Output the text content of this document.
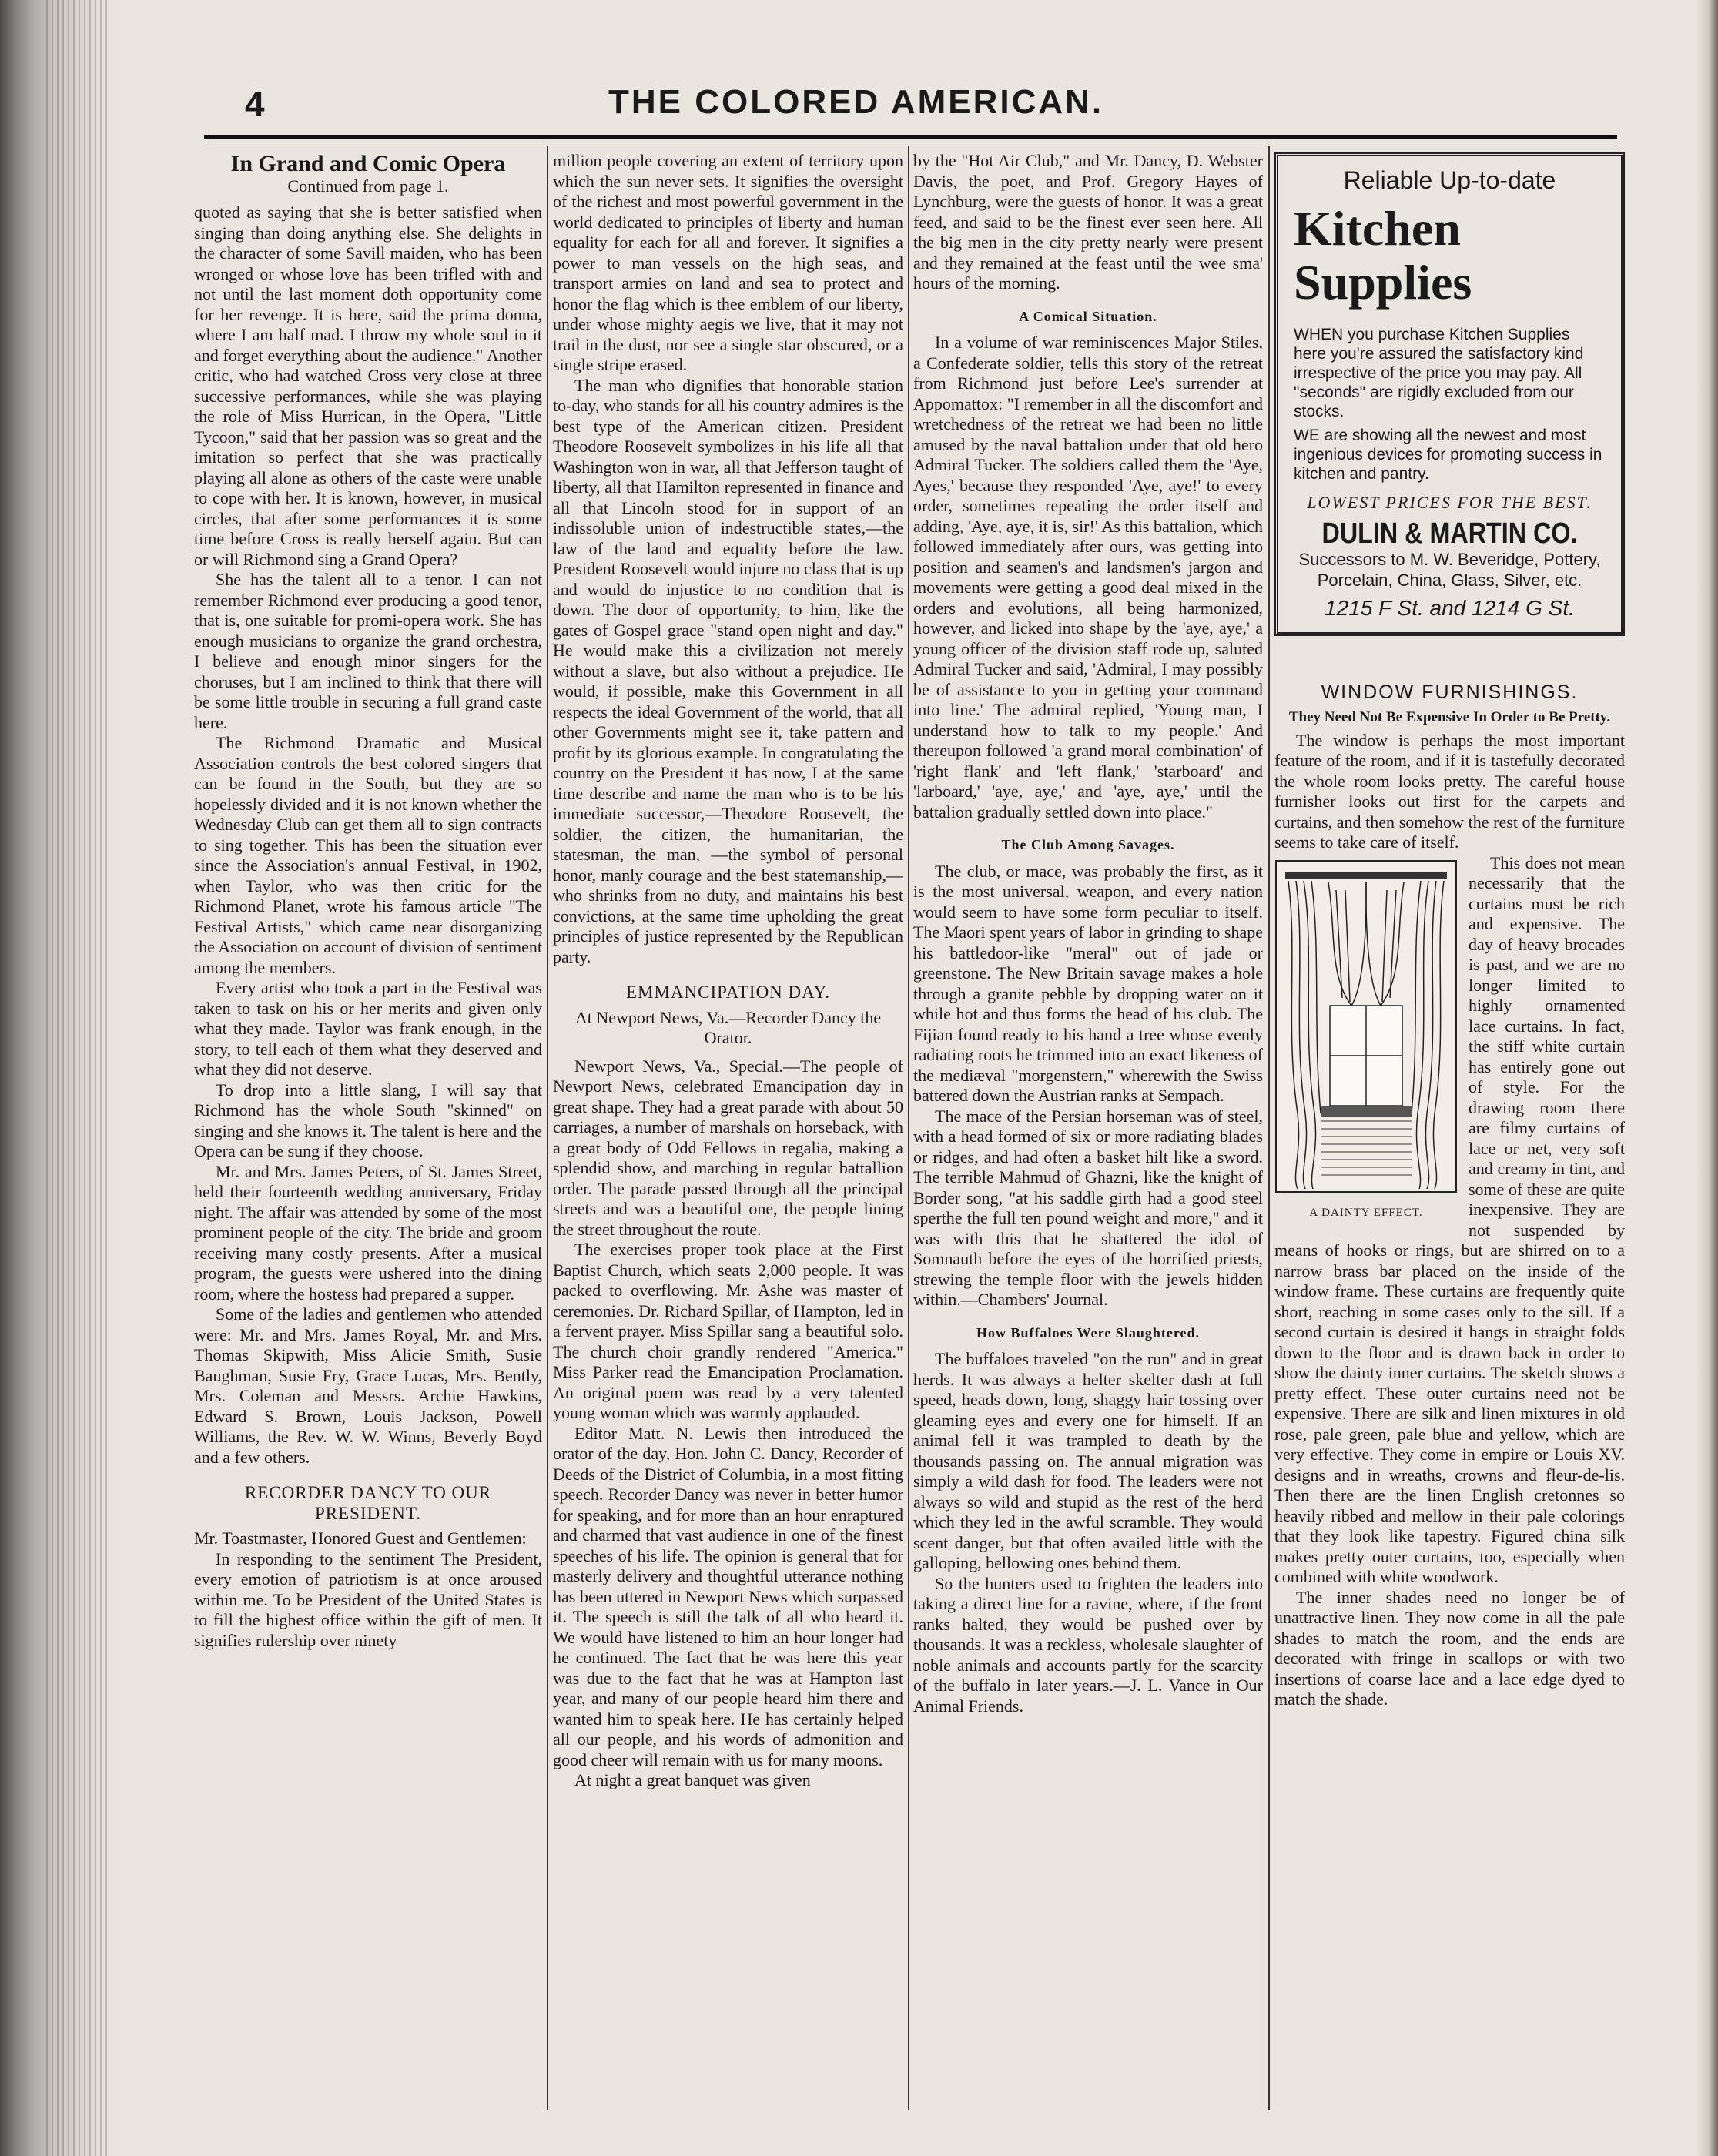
4	THE COLORED AMERICAN.
In Grand and Comic Opera
Continued from page 1.

quoted as saying that she is better satisfied when singing than doing anything else. She delights in the character of some Savill maiden, who has been wronged or whose love has been trifled with and not until the last moment doth opportunity come for her revenge. It is here, said the prima donna, where I am half mad. I throw my whole soul in it and forget everything about the audience." Another critic, who had watched Cross very close at three successive performances, while she was playing the role of Miss Hurrican, in the Opera, "Little Tycoon," said that her passion was so great and the imitation so perfect that she was practically playing all alone as others of the caste were unable to cope with her. It is known, however, in musical circles, that after some performances it is some time before Cross is really herself again. But can or will Richmond sing a Grand Opera?

She has the talent all to a tenor. I can not remember Richmond ever producing a good tenor, that is, one suitable for promi-opera work. She has enough musicians to organize the grand orchestra, I believe and enough minor singers for the choruses, but I am inclined to think that there will be some little trouble in securing a full grand caste here.

The Richmond Dramatic and Musical Association controls the best colored singers that can be found in the South, but they are so hopelessly divided and it is not known whether the Wednesday Club can get them all to sign contracts to sing together. This has been the situation ever since the Association's annual Festival, in 1902, when Taylor, who was then critic for the Richmond Planet, wrote his famous article "The Festival Artists," which came near disorganizing the Association on account of division of sentiment among the members.

Every artist who took a part in the Festival was taken to task on his or her merits and given only what they made. Taylor was frank enough, in the story, to tell each of them what they deserved and what they did not deserve.

To drop into a little slang, I will say that Richmond has the whole South "skinned" on singing and she knows it. The talent is here and the Opera can be sung if they choose.

Mr. and Mrs. James Peters, of St. James Street, held their fourteenth wedding anniversary, Friday night. The affair was attended by some of the most prominent people of the city. The bride and groom receiving many costly presents. After a musical program, the guests were ushered into the dining room, where the hostess had prepared a supper.

Some of the ladies and gentlemen who attended were: Mr. and Mrs. James Royal, Mr. and Mrs. Thomas Skipwith, Miss Alicie Smith, Susie Baughman, Susie Fry, Grace Lucas, Mrs. Bently, Mrs. Coleman and Messrs. Archie Hawkins, Edward S. Brown, Louis Jackson, Powell Williams, the Rev. W. W. Winns, Beverly Boyd and a few others.

RECORDER DANCY TO OUR PRESIDENT.

Mr. Toastmaster, Honored Guest and Gentlemen:

In responding to the sentiment The President, every emotion of patriotism is at once aroused within me. To be President of the United States is to fill the highest office within the gift of men. It signifies rulership over ninety

million people covering an extent of territory upon which the sun never sets. It signifies the oversight of the richest and most powerful government in the world dedicated to principles of liberty and human equality for each for all and forever. It signifies a power to man vessels on the high seas, and transport armies on land and sea to protect and honor the flag which is thee emblem of our liberty, under whose mighty aegis we live, that it may not trail in the dust, nor see a single star obscured, or a single stripe erased.

The man who dignifies that honorable station to-day, who stands for all his country admires is the best type of the American citizen. President Theodore Roosevelt symbolizes in his life all that Washington won in war, all that Jefferson taught of liberty, all that Hamilton represented in finance and all that Lincoln stood for in support of an indissoluble union of indestructible states,—the law of the land and equality before the law. President Roosevelt would injure no class that is up and would do injustice to no condition that is down. The door of opportunity, to him, like the gates of Gospel grace "stand open night and day." He would make this a civilization not merely without a slave, but also without a prejudice. He would, if possible, make this Government in all respects the ideal Government of the world, that all other Governments might see it, take pattern and profit by its glorious example. In congratulating the country on the President it has now, I at the same time describe and name the man who is to be his immediate successor,—Theodore Roosevelt, the soldier, the citizen, the humanitarian, the statesman, the man, —the symbol of personal honor, manly courage and the best statemanship,—who shrinks from no duty, and maintains his best convictions, at the same time upholding the great principles of justice represented by the Republican party.

EMMANCIPATION DAY.
At Newport News, Va.—Recorder Dancy the Orator.

Newport News, Va., Special.—The people of Newport News, celebrated Emancipation day in great shape. They had a great parade with about 50 carriages, a number of marshals on horseback, with a great body of Odd Fellows in regalia, making a splendid show, and marching in regular battallion order. The parade passed through all the principal streets and was a beautiful one, the people lining the street throughout the route.

The exercises proper took place at the First Baptist Church, which seats 2,000 people. It was packed to overflowing. Mr. Ashe was master of ceremonies. Dr. Richard Spillar, of Hampton, led in a fervent prayer. Miss Spillar sang a beautiful solo. The church choir grandly rendered "America." Miss Parker read the Emancipation Proclamation. An original poem was read by a very talented young woman which was warmly applauded.

Editor Matt. N. Lewis then introduced the orator of the day, Hon. John C. Dancy, Recorder of Deeds of the District of Columbia, in a most fitting speech. Recorder Dancy was never in better humor for speaking, and for more than an hour enraptured and charmed that vast audience in one of the finest speeches of his life. The opinion is general that for masterly delivery and thoughtful utterance nothing has been uttered in Newport News which surpassed it. The speech is still the talk of all who heard it. We would have listened to him an hour longer had he continued. The fact that he was here this year was due to the fact that he was at Hampton last year, and many of our people heard him there and wanted him to speak here. He has certainly helped all our people, and his words of admonition and good cheer will remain with us for many moons.

At night a great banquet was given

by the "Hot Air Club," and Mr. Dancy, D. Webster Davis, the poet, and Prof. Gregory Hayes of Lynchburg, were the guests of honor. It was a great feed, and said to be the finest ever seen here. All the big men in the city pretty nearly were present and they remained at the feast until the wee sma' hours of the morning.

A Comical Situation.

In a volume of war reminiscences Major Stiles, a Confederate soldier, tells this story of the retreat from Richmond just before Lee's surrender at Appomattox: "I remember in all the discomfort and wretchedness of the retreat we had been no little amused by the naval battalion under that old hero Admiral Tucker. The soldiers called them the 'Aye, Ayes,' because they responded 'Aye, aye!' to every order, sometimes repeating the order itself and adding, 'Aye, aye, it is, sir!' As this battalion, which followed immediately after ours, was getting into position and seamen's and landsmen's jargon and movements were getting a good deal mixed in the orders and evolutions, all being harmonized, however, and licked into shape by the 'aye, aye,' a young officer of the division staff rode up, saluted Admiral Tucker and said, 'Admiral, I may possibly be of assistance to you in getting your command into line.' The admiral replied, 'Young man, I understand how to talk to my people.' And thereupon followed 'a grand moral combination' of 'right flank' and 'left flank,' 'starboard' and 'larboard,' 'aye, aye,' and 'aye, aye,' until the battalion gradually settled down into place."

The Club Among Savages.

The club, or mace, was probably the first, as it is the most universal, weapon, and every nation would seem to have some form peculiar to itself. The Maori spent years of labor in grinding to shape his battledoor-like "meral" out of jade or greenstone. The New Britain savage makes a hole through a granite pebble by dropping water on it while hot and thus forms the head of his club. The Fijian found ready to his hand a tree whose evenly radiating roots he trimmed into an exact likeness of the mediæval "morgenstern," wherewith the Swiss battered down the Austrian ranks at Sempach.

The mace of the Persian horseman was of steel, with a head formed of six or more radiating blades or ridges, and had often a basket hilt like a sword. The terrible Mahmud of Ghazni, like the knight of Border song, "at his saddle girth had a good steel sperthe the full ten pound weight and more," and it was with this that he shattered the idol of Somnauth before the eyes of the horrified priests, strewing the temple floor with the jewels hidden within.—Chambers' Journal.

How Buffaloes Were Slaughtered.

The buffaloes traveled "on the run" and in great herds. It was always a helter skelter dash at full speed, heads down, long, shaggy hair tossing over gleaming eyes and every one for himself. If an animal fell it was trampled to death by the thousands passing on. The annual migration was simply a wild dash for food. The leaders were not always so wild and stupid as the rest of the herd which they led in the awful scramble. They would scent danger, but that often availed little with the galloping, bellowing ones behind them.

So the hunters used to frighten the leaders into taking a direct line for a ravine, where, if the front ranks halted, they would be pushed over by thousands. It was a reckless, wholesale slaughter of noble animals and accounts partly for the scarcity of the buffalo in later years.—J. L. Vance in Our Animal Friends.

Reliable Up-to-date
Kitchen
Supplies
WHEN you purchase Kitchen Supplies here you're assured the satisfactory kind irrespective of the price you may pay. All "seconds" are rigidly excluded from our stocks.
WE are showing all the newest and most ingenious devices for promoting success in kitchen and pantry.
LOWEST PRICES FOR THE BEST.
DULIN & MARTIN CO.
Successors to M. W. Beveridge, Pottery, Porcelain, China, Glass, Silver, etc.
1215 F St. and 1214 G St.
WINDOW FURNISHINGS.
They Need Not Be Expensive In Order to Be Pretty.

The window is perhaps the most important feature of the room, and if it is tastefully decorated the whole room looks pretty. The careful house furnisher looks out first for the carpets and curtains, and then somehow the rest of the furniture seems to take care of itself.

A DAINTY EFFECT.

This does not mean necessarily that the curtains must be rich and expensive. The day of heavy brocades is past, and we are no longer limited to highly ornamented lace curtains. In fact, the stiff white curtain has entirely gone out of style. For the drawing room there are filmy curtains of lace or net, very soft and creamy in tint, and some of these are quite inexpensive. They are not suspended by means of hooks or rings, but are shirred on to a narrow brass bar placed on the inside of the window frame. These curtains are frequently quite short, reaching in some cases only to the sill. If a second curtain is desired it hangs in straight folds down to the floor and is drawn back in order to show the dainty inner curtains. The sketch shows a pretty effect. These outer curtains need not be expensive. There are silk and linen mixtures in old rose, pale green, pale blue and yellow, which are very effective. They come in empire or Louis XV. designs and in wreaths, crowns and fleur-de-lis. Then there are the linen English cretonnes so heavily ribbed and mellow in their pale colorings that they look like tapestry. Figured china silk makes pretty outer curtains, too, especially when combined with white woodwork.

The inner shades need no longer be of unattractive linen. They now come in all the pale shades to match the room, and the ends are decorated with fringe in scallops or with two insertions of coarse lace and a lace edge dyed to match the shade.
